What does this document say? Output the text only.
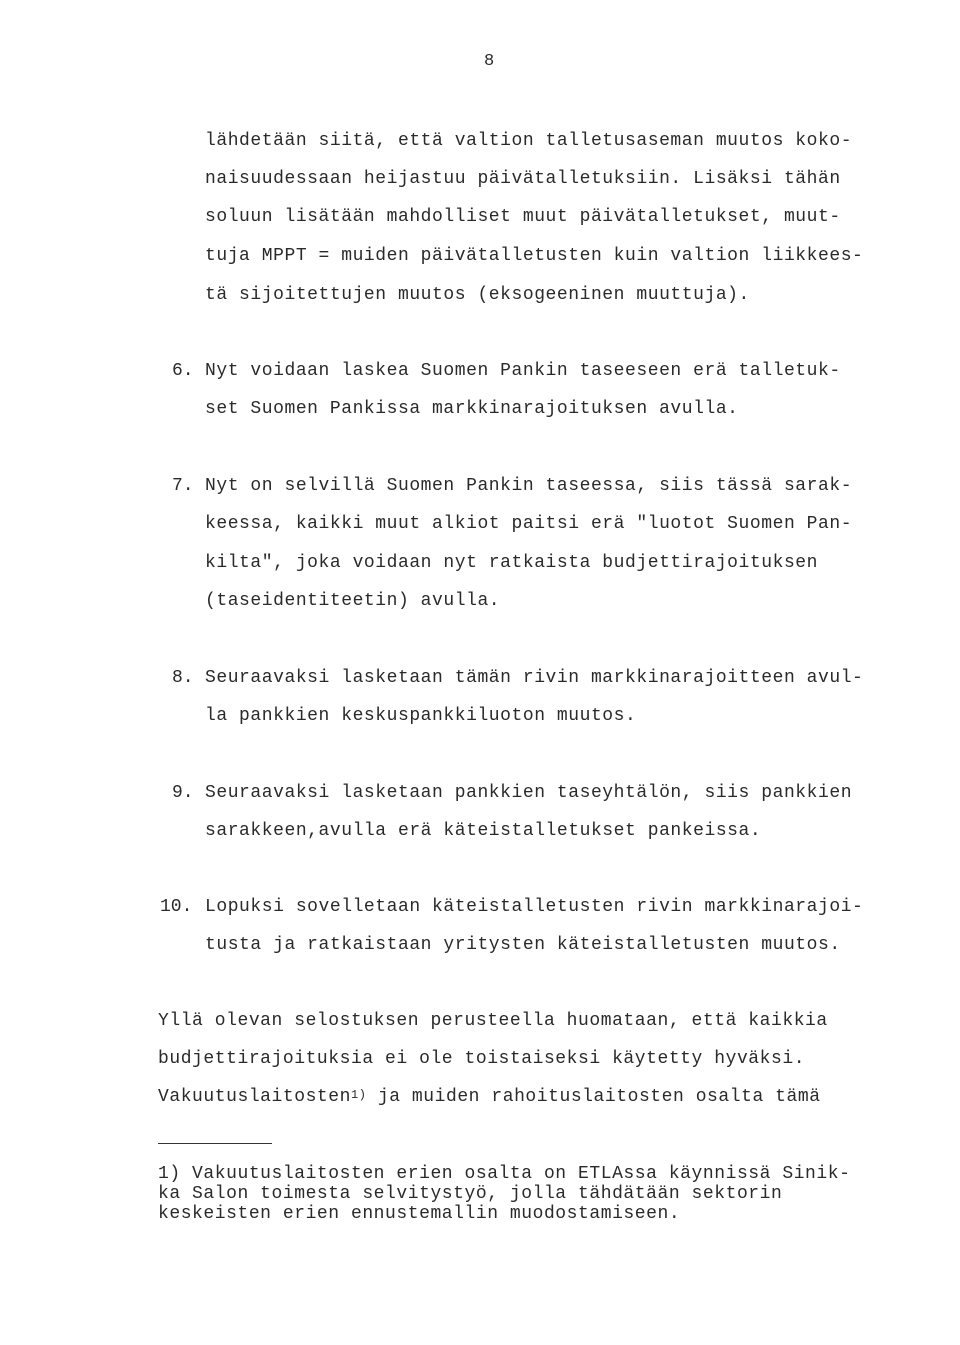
8
lähdetään siitä, että valtion talletusaseman muutos koko-
naisuudessaan heijastuu päivätalletuksiin. Lisäksi tähän
soluun lisätään mahdolliset muut päivätalletukset, muut-
tuja MPPT = muiden päivätalletusten kuin valtion liikkees-
tä sijoitettujen muutos (eksogeeninen muuttuja).
6. Nyt voidaan laskea Suomen Pankin taseeseen erä talletuk-
set Suomen Pankissa markkinarajoituksen avulla.
7. Nyt on selvillä Suomen Pankin taseessa, siis tässä sarak-
keessa, kaikki muut alkiot paitsi erä "luotot Suomen Pan-
kilta", joka voidaan nyt ratkaista budjettirajoituksen
(taseidentiteetin) avulla.
8. Seuraavaksi lasketaan tämän rivin markkinarajoitteen avul-
la pankkien keskuspankkiluoton muutos.
9. Seuraavaksi lasketaan pankkien taseyhtälön, siis pankkien
sarakkeen,avulla erä käteistalletukset pankeissa.
10. Lopuksi sovelletaan käteistalletusten rivin markkinarajoi-
tusta ja ratkaistaan yritysten käteistalletusten muutos.
Yllä olevan selostuksen perusteella huomataan, että kaikkia
budjettirajoituksia ei ole toistaiseksi käytetty hyväksi.
Vakuutuslaitosten$^{1)}$ ja muiden rahoituslaitosten osalta tämä
1) Vakuutuslaitosten erien osalta on ETLAssa käynnissä Sinik-
ka Salon toimesta selvitystyö, jolla tähdätään sektorin
keskeisten erien ennustemallin muodostamiseen.
